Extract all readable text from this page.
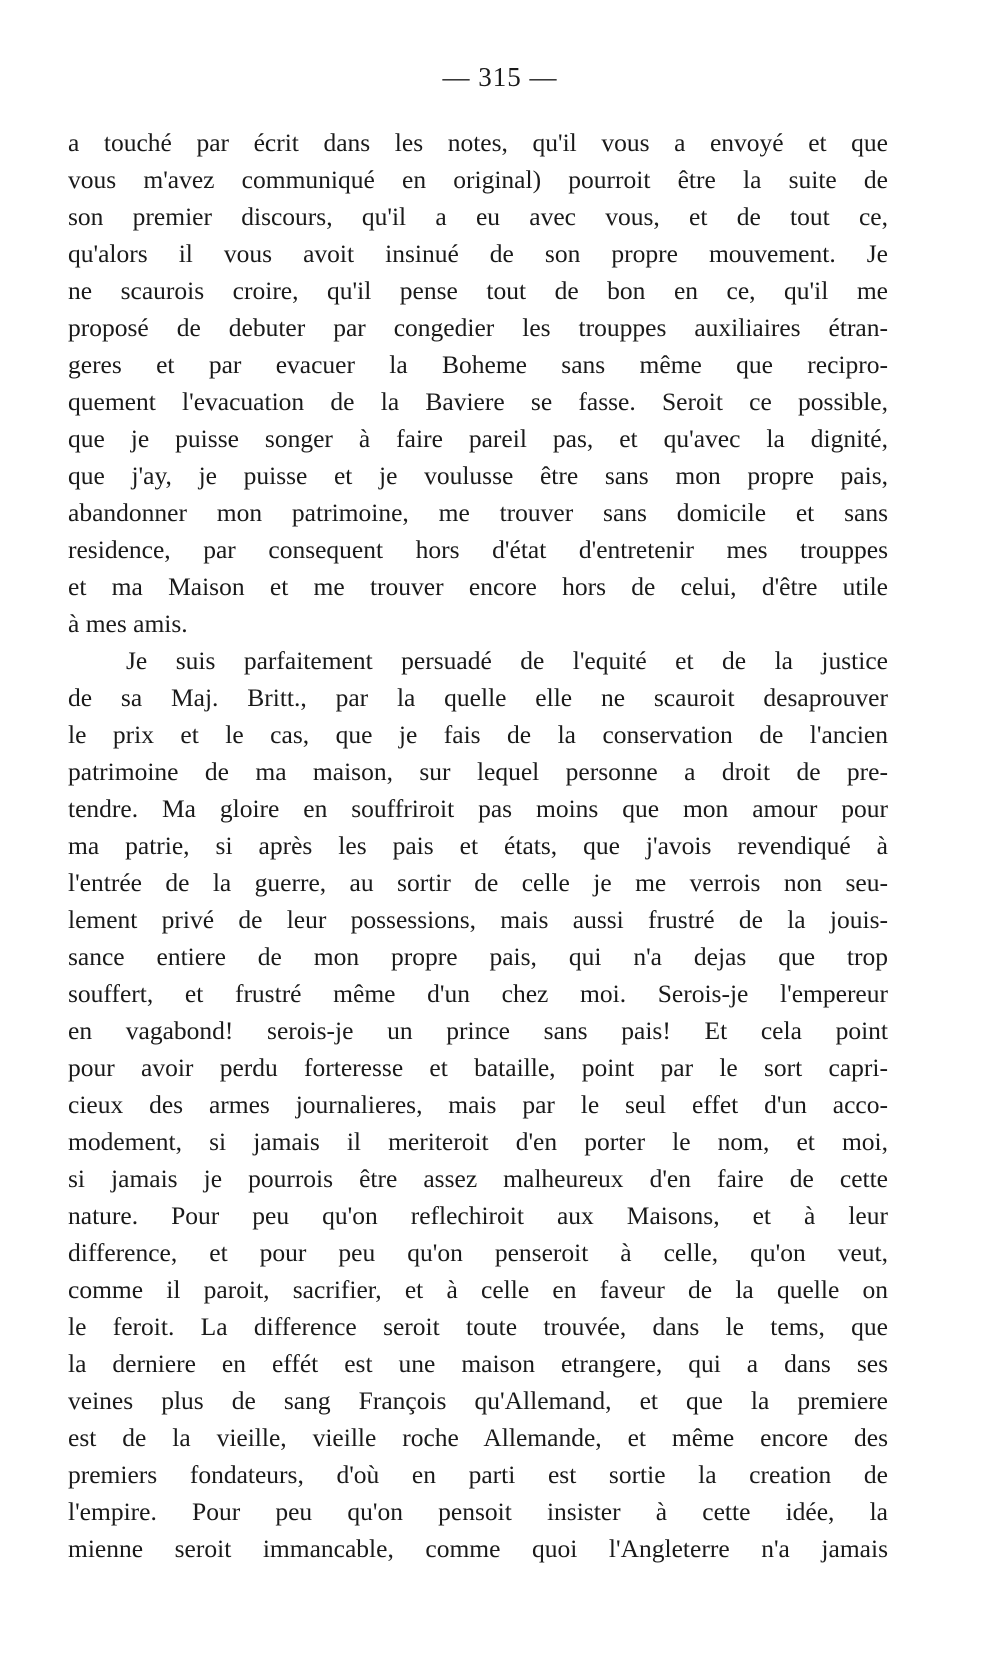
— 315 —
a touché par écrit dans les notes, qu'il vous a envoyé et que
vous m'avez communiqué en original) pourroit être la suite de
son premier discours, qu'il a eu avec vous, et de tout ce,
qu'alors il vous avoit insinué de son propre mouvement. Je
ne scaurois croire, qu'il pense tout de bon en ce, qu'il me
proposé de debuter par congedier les trouppes auxiliaires étran-
geres et par evacuer la Boheme sans même que recipro-
quement l'evacuation de la Baviere se fasse. Seroit ce possible,
que je puisse songer à faire pareil pas, et qu'avec la dignité,
que j'ay, je puisse et je voulusse être sans mon propre pais,
abandonner mon patrimoine, me trouver sans domicile et sans
residence, par consequent hors d'état d'entretenir mes trouppes
et ma Maison et me trouver encore hors de celui, d'être utile
à mes amis.
Je suis parfaitement persuadé de l'equité et de la justice
de sa Maj. Britt., par la quelle elle ne scauroit desaprouver
le prix et le cas, que je fais de la conservation de l'ancien
patrimoine de ma maison, sur lequel personne a droit de pre-
tendre. Ma gloire en souffriroit pas moins que mon amour pour
ma patrie, si après les pais et états, que j'avois revendiqué à
l'entrée de la guerre, au sortir de celle je me verrois non seu-
lement privé de leur possessions, mais aussi frustré de la jouis-
sance entiere de mon propre pais, qui n'a dejas que trop
souffert, et frustré même d'un chez moi. Serois-je l'empereur
en vagabond! serois-je un prince sans pais! Et cela point
pour avoir perdu forteresse et bataille, point par le sort capri-
cieux des armes journalieres, mais par le seul effet d'un acco-
modement, si jamais il meriteroit d'en porter le nom, et moi,
si jamais je pourrois être assez malheureux d'en faire de cette
nature. Pour peu qu'on reflechiroit aux Maisons, et à leur
difference, et pour peu qu'on penseroit à celle, qu'on veut,
comme il paroit, sacrifier, et à celle en faveur de la quelle on
le feroit. La difference seroit toute trouvée, dans le tems, que
la derniere en effét est une maison etrangere, qui a dans ses
veines plus de sang François qu'Allemand, et que la premiere
est de la vieille, vieille roche Allemande, et même encore des
premiers fondateurs, d'où en parti est sortie la creation de
l'empire. Pour peu qu'on pensoit insister à cette idée, la
mienne seroit immancable, comme quoi l'Angleterre n'a jamais
